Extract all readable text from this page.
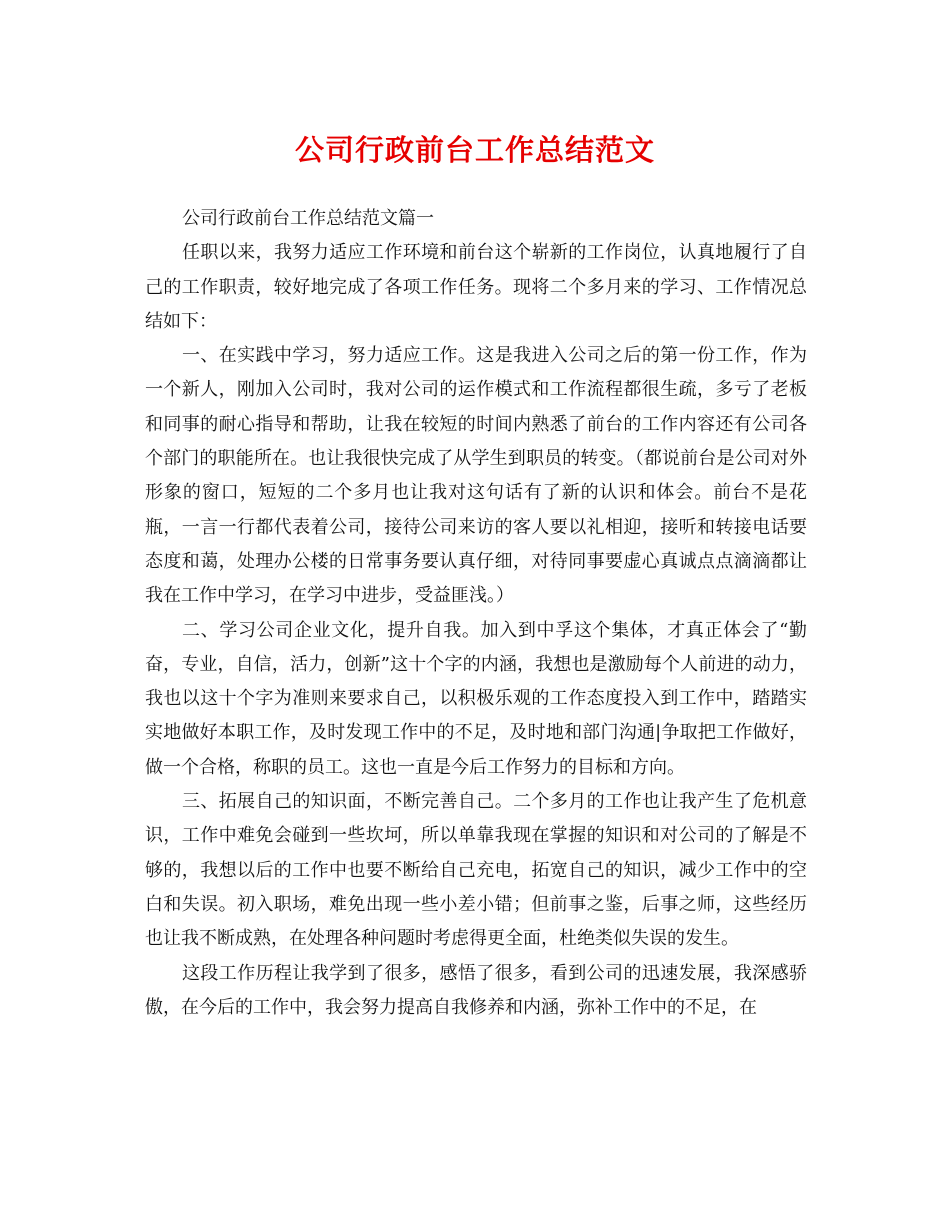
公司行政前台工作总结范文

公司行政前台工作总结范文篇一

任职以来，我努力适应工作环境和前台这个崭新的工作岗位，认真地履行了自己的工作职责，较好地完成了各项工作任务。现将二个多月来的学习、工作情况总结如下：

一、在实践中学习，努力适应工作。这是我进入公司之后的第一份工作，作为一个新人，刚加入公司时，我对公司的运作模式和工作流程都很生疏，多亏了老板和同事的耐心指导和帮助，让我在较短的时间内熟悉了前台的工作内容还有公司各个部门的职能所在。也让我很快完成了从学生到职员的转变。（都说前台是公司对外形象的窗口，短短的二个多月也让我对这句话有了新的认识和体会。前台不是花瓶，一言一行都代表着公司，接待公司来访的客人要以礼相迎，接听和转接电话要态度和蔼，处理办公楼的日常事务要认真仔细，对待同事要虚心真诚点点滴滴都让我在工作中学习，在学习中进步，受益匪浅。）

二、学习公司企业文化，提升自我。加入到中孚这个集体，才真正体会了“勤奋，专业，自信，活力，创新”这十个字的内涵，我想也是激励每个人前进的动力，我也以这十个字为准则来要求自己，以积极乐观的工作态度投入到工作中，踏踏实实地做好本职工作，及时发现工作中的不足，及时地和部门沟通|争取把工作做好，做一个合格，称职的员工。这也一直是今后工作努力的目标和方向。

三、拓展自己的知识面，不断完善自己。二个多月的工作也让我产生了危机意识，工作中难免会碰到一些坎坷，所以单靠我现在掌握的知识和对公司的了解是不够的，我想以后的工作中也要不断给自己充电，拓宽自己的知识，减少工作中的空白和失误。初入职场，难免出现一些小差小错；但前事之鉴，后事之师，这些经历也让我不断成熟，在处理各种问题时考虑得更全面，杜绝类似失误的发生。

这段工作历程让我学到了很多，感悟了很多，看到公司的迅速发展，我深感骄傲，在今后的工作中，我会努力提高自我修养和内涵，弥补工作中的不足，在
